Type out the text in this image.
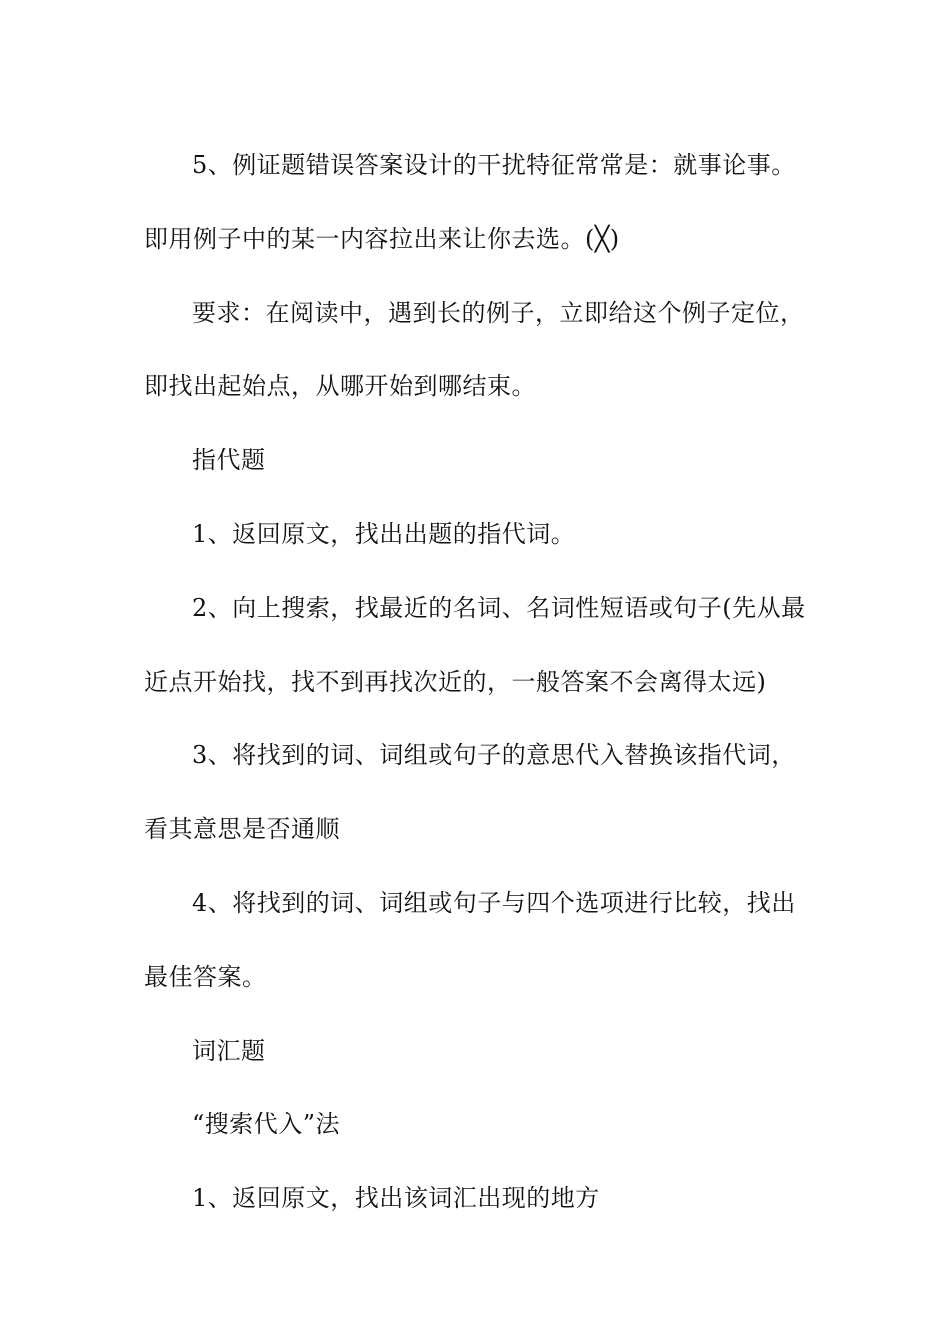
5、例证题错误答案设计的干扰特征常常是：就事论事。即用例子中的某一内容拉出来让你去选。(╳)

要求：在阅读中，遇到长的例子，立即给这个例子定位，即找出起始点，从哪开始到哪结束。

指代题

1、返回原文，找出出题的指代词。

2、向上搜索，找最近的名词、名词性短语或句子(先从最近点开始找，找不到再找次近的，一般答案不会离得太远)

3、将找到的词、词组或句子的意思代入替换该指代词，看其意思是否通顺

4、将找到的词、词组或句子与四个选项进行比较，找出最佳答案。

词汇题

“搜索代入”法

1、返回原文，找出该词汇出现的地方
